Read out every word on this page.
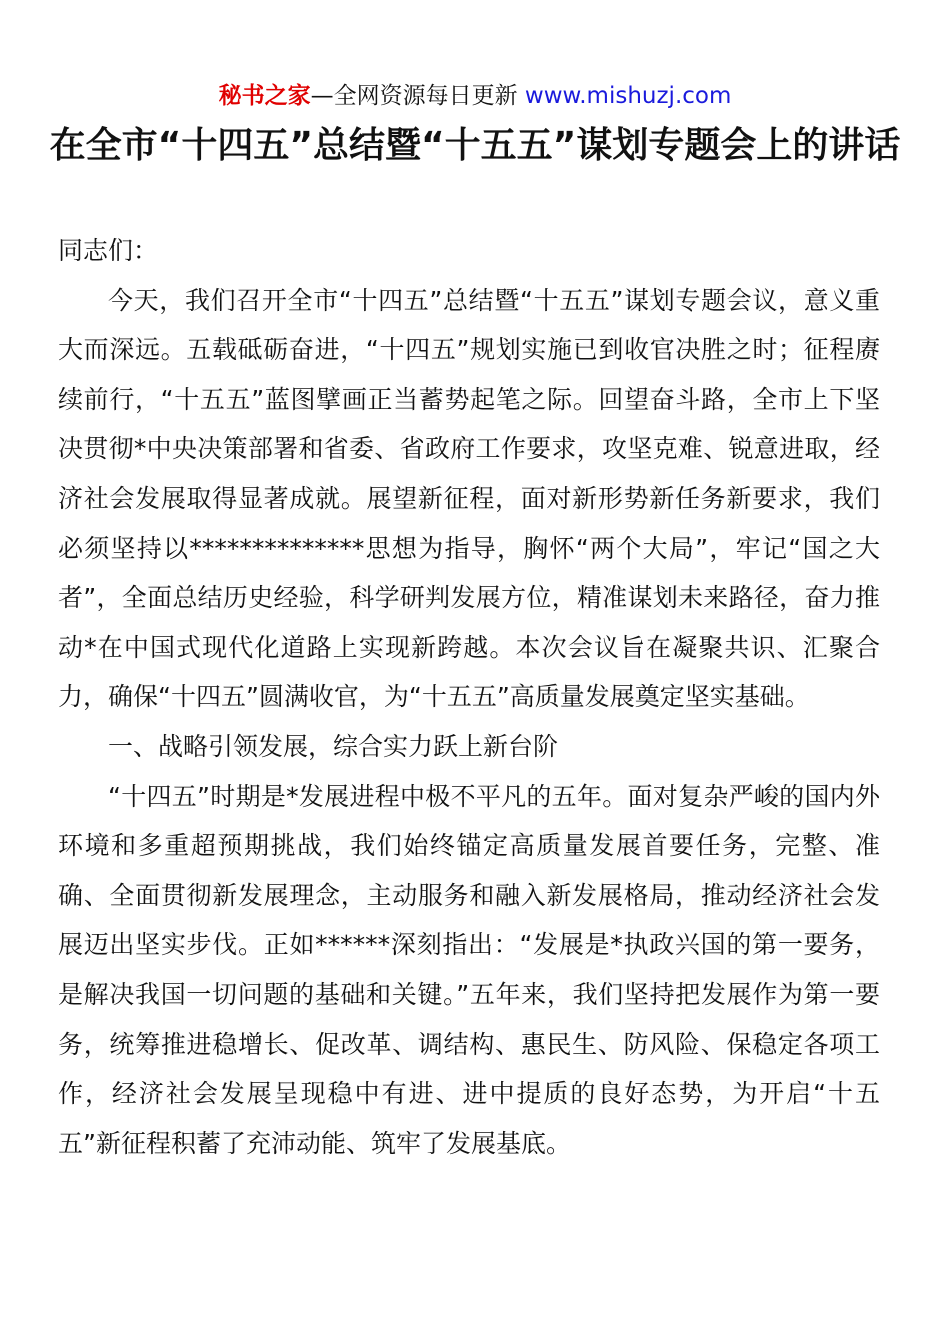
秘书之家—全网资源每日更新 www.mishuzj.com
在全市“十四五”总结暨“十五五”谋划专题会上的讲话

同志们：

今天，我们召开全市“十四五”总结暨“十五五”谋划专题会议，意义重大而深远。五载砥砺奋进，“十四五”规划实施已到收官决胜之时；征程赓续前行，“十五五”蓝图擘画正当蓄势起笔之际。回望奋斗路，全市上下坚决贯彻*中央决策部署和省委、省政府工作要求，攻坚克难、锐意进取，经济社会发展取得显著成就。展望新征程，面对新形势新任务新要求，我们必须坚持以**************思想为指导，胸怀“两个大局”，牢记“国之大者”，全面总结历史经验，科学研判发展方位，精准谋划未来路径，奋力推动*在中国式现代化道路上实现新跨越。本次会议旨在凝聚共识、汇聚合力，确保“十四五”圆满收官，为“十五五”高质量发展奠定坚实基础。

一、战略引领发展，综合实力跃上新台阶

“十四五”时期是*发展进程中极不平凡的五年。面对复杂严峻的国内外环境和多重超预期挑战，我们始终锚定高质量发展首要任务，完整、准确、全面贯彻新发展理念，主动服务和融入新发展格局，推动经济社会发展迈出坚实步伐。正如******深刻指出：“发展是*执政兴国的第一要务，是解决我国一切问题的基础和关键。”五年来，我们坚持把发展作为第一要务，统筹推进稳增长、促改革、调结构、惠民生、防风险、保稳定各项工作，经济社会发展呈现稳中有进、进中提质的良好态势，为开启“十五五”新征程积蓄了充沛动能、筑牢了发展基底。
